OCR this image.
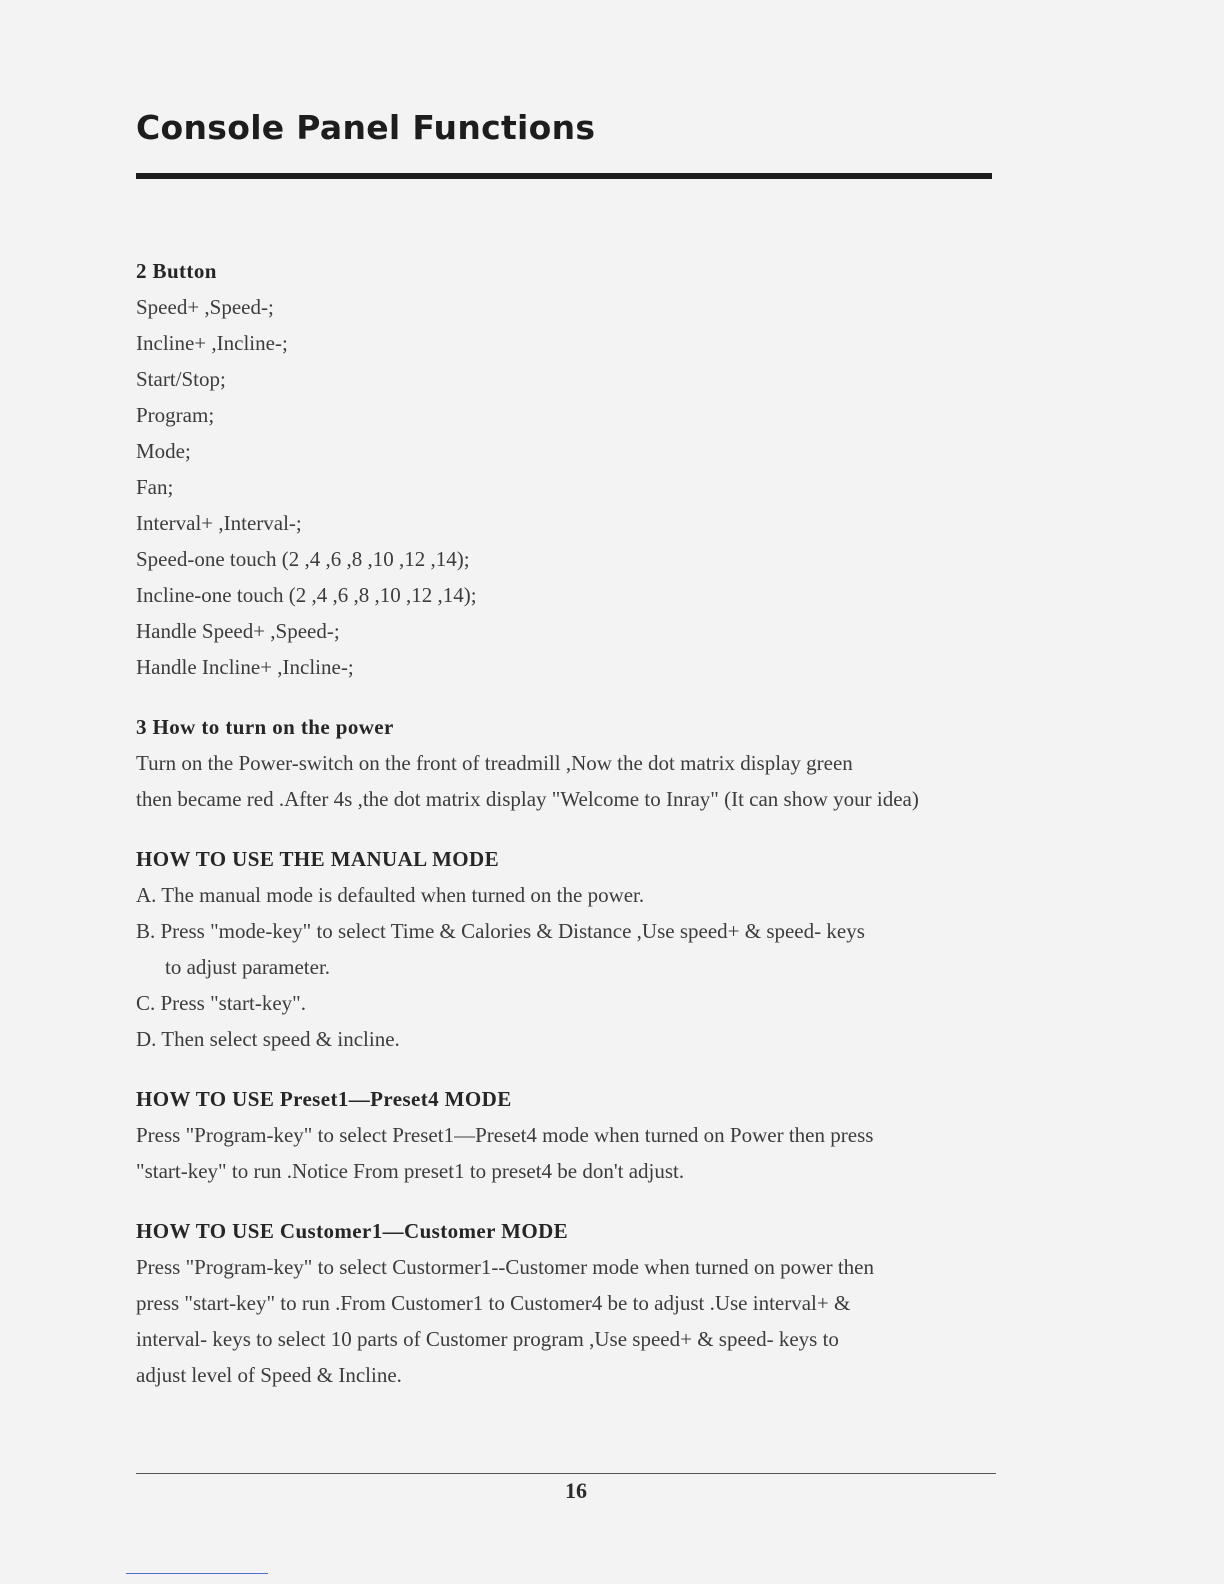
Console Panel Functions
2 Button
Speed+ ,Speed-;
Incline+ ,Incline-;
Start/Stop;
Program;
Mode;
Fan;
Interval+ ,Interval-;
Speed-one touch (2 ,4 ,6 ,8 ,10 ,12 ,14);
Incline-one touch (2 ,4 ,6 ,8 ,10 ,12 ,14);
Handle Speed+ ,Speed-;
Handle Incline+ ,Incline-;
3 How to turn on the power
Turn on the Power-switch on the front of treadmill ,Now the dot matrix display green
then became red .After 4s ,the dot matrix display "Welcome to Inray" (It can show your idea)
HOW TO USE THE MANUAL MODE
A. The manual mode is defaulted when turned on the power.
B. Press "mode-key" to select Time & Calories & Distance ,Use speed+ & speed- keys
to adjust parameter.
C. Press "start-key".
D. Then select speed & incline.
HOW TO USE Preset1—Preset4 MODE
Press "Program-key" to select Preset1—Preset4 mode when turned on Power then press
"start-key" to run .Notice From preset1 to preset4 be don't adjust.
HOW TO USE Customer1—Customer MODE
Press "Program-key" to select Custormer1--Customer mode when turned on power then
press "start-key" to run .From Customer1 to Customer4 be to adjust .Use interval+ &
interval- keys to select 10 parts of Customer program ,Use speed+ & speed- keys to
adjust level of Speed & Incline.
16
